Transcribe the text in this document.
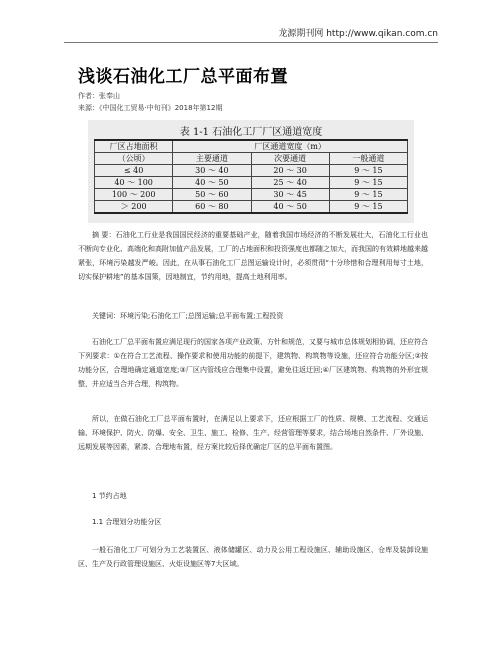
龙源期刊网 http://www.qikan.com.cn
浅谈石油化工厂总平面布置
作者：张奉山
来源：《中国化工贸易·中旬刊》2018年第12期
表 1-1 石油化工厂厂区通道宽度
厂区占地面积	厂区通道宽度（m）		
（公顷）	主要通道	次要通道	一般通道
≤ 40	30 ～ 40	20 ～ 30	9 ～ 15
40 ～ 100	40 ～ 50	25 ～ 40	9 ～ 15
100 ～ 200	50 ～ 60	30 ～ 45	9 ～ 15
＞ 200	60 ～ 80	40 ～ 50	9 ～ 15

摘 要：石油化工行业是我国国民经济的重要基础产业，随着我国市场经济的不断发展壮大，石油化工行业也不断向专业化、高端化和高附加值产品发展，工厂的占地面积和投资强度也都随之加大，而我国的有效耕地越来越紧张，环境污染越发严峻。因此，在从事石油化工厂总图运输设计时，必须贯彻“十分珍惜和合理利用每寸土地，切实保护耕地”的基本国策，因地制宜，节约用地，提高土地利用率。

关键词：环境污染;石油化工厂;总图运输;总平面布置;工程投资

石油化工厂总平面布置应满足现行的国家各项产业政策、方针和规范，又要与城市总体规划相协调，还应符合下列要求：①在符合工艺流程、操作要求和使用功能的前提下，建筑物、构筑物等设施，还应符合功能分区;②按功能分区，合理地确定通道宽度;③厂区内管线应合理集中设置，避免往返迂回;④厂区建筑物、构筑物的外形宜规整，并应适当合并合理，构筑物。

所以，在做石油化工厂总平面布置时，在满足以上要求下，还应根据工厂的性质、规模、工艺流程、交通运输、环境保护、防火、防爆、安全、卫生、施工、检修、生产、经营管理等要求，结合场地自然条件、厂外设施、远期发展等因素，紧凑、合理地布置，经方案比较后择优确定厂区的总平面布置图。

1 节约占地

1.1 合理划分功能分区

一般石油化工厂可划分为工艺装置区、液体储罐区、动力及公用工程设施区、辅助设施区、仓库及装卸设施区、生产及行政管理设施区、火炬设施区等7大区域。
